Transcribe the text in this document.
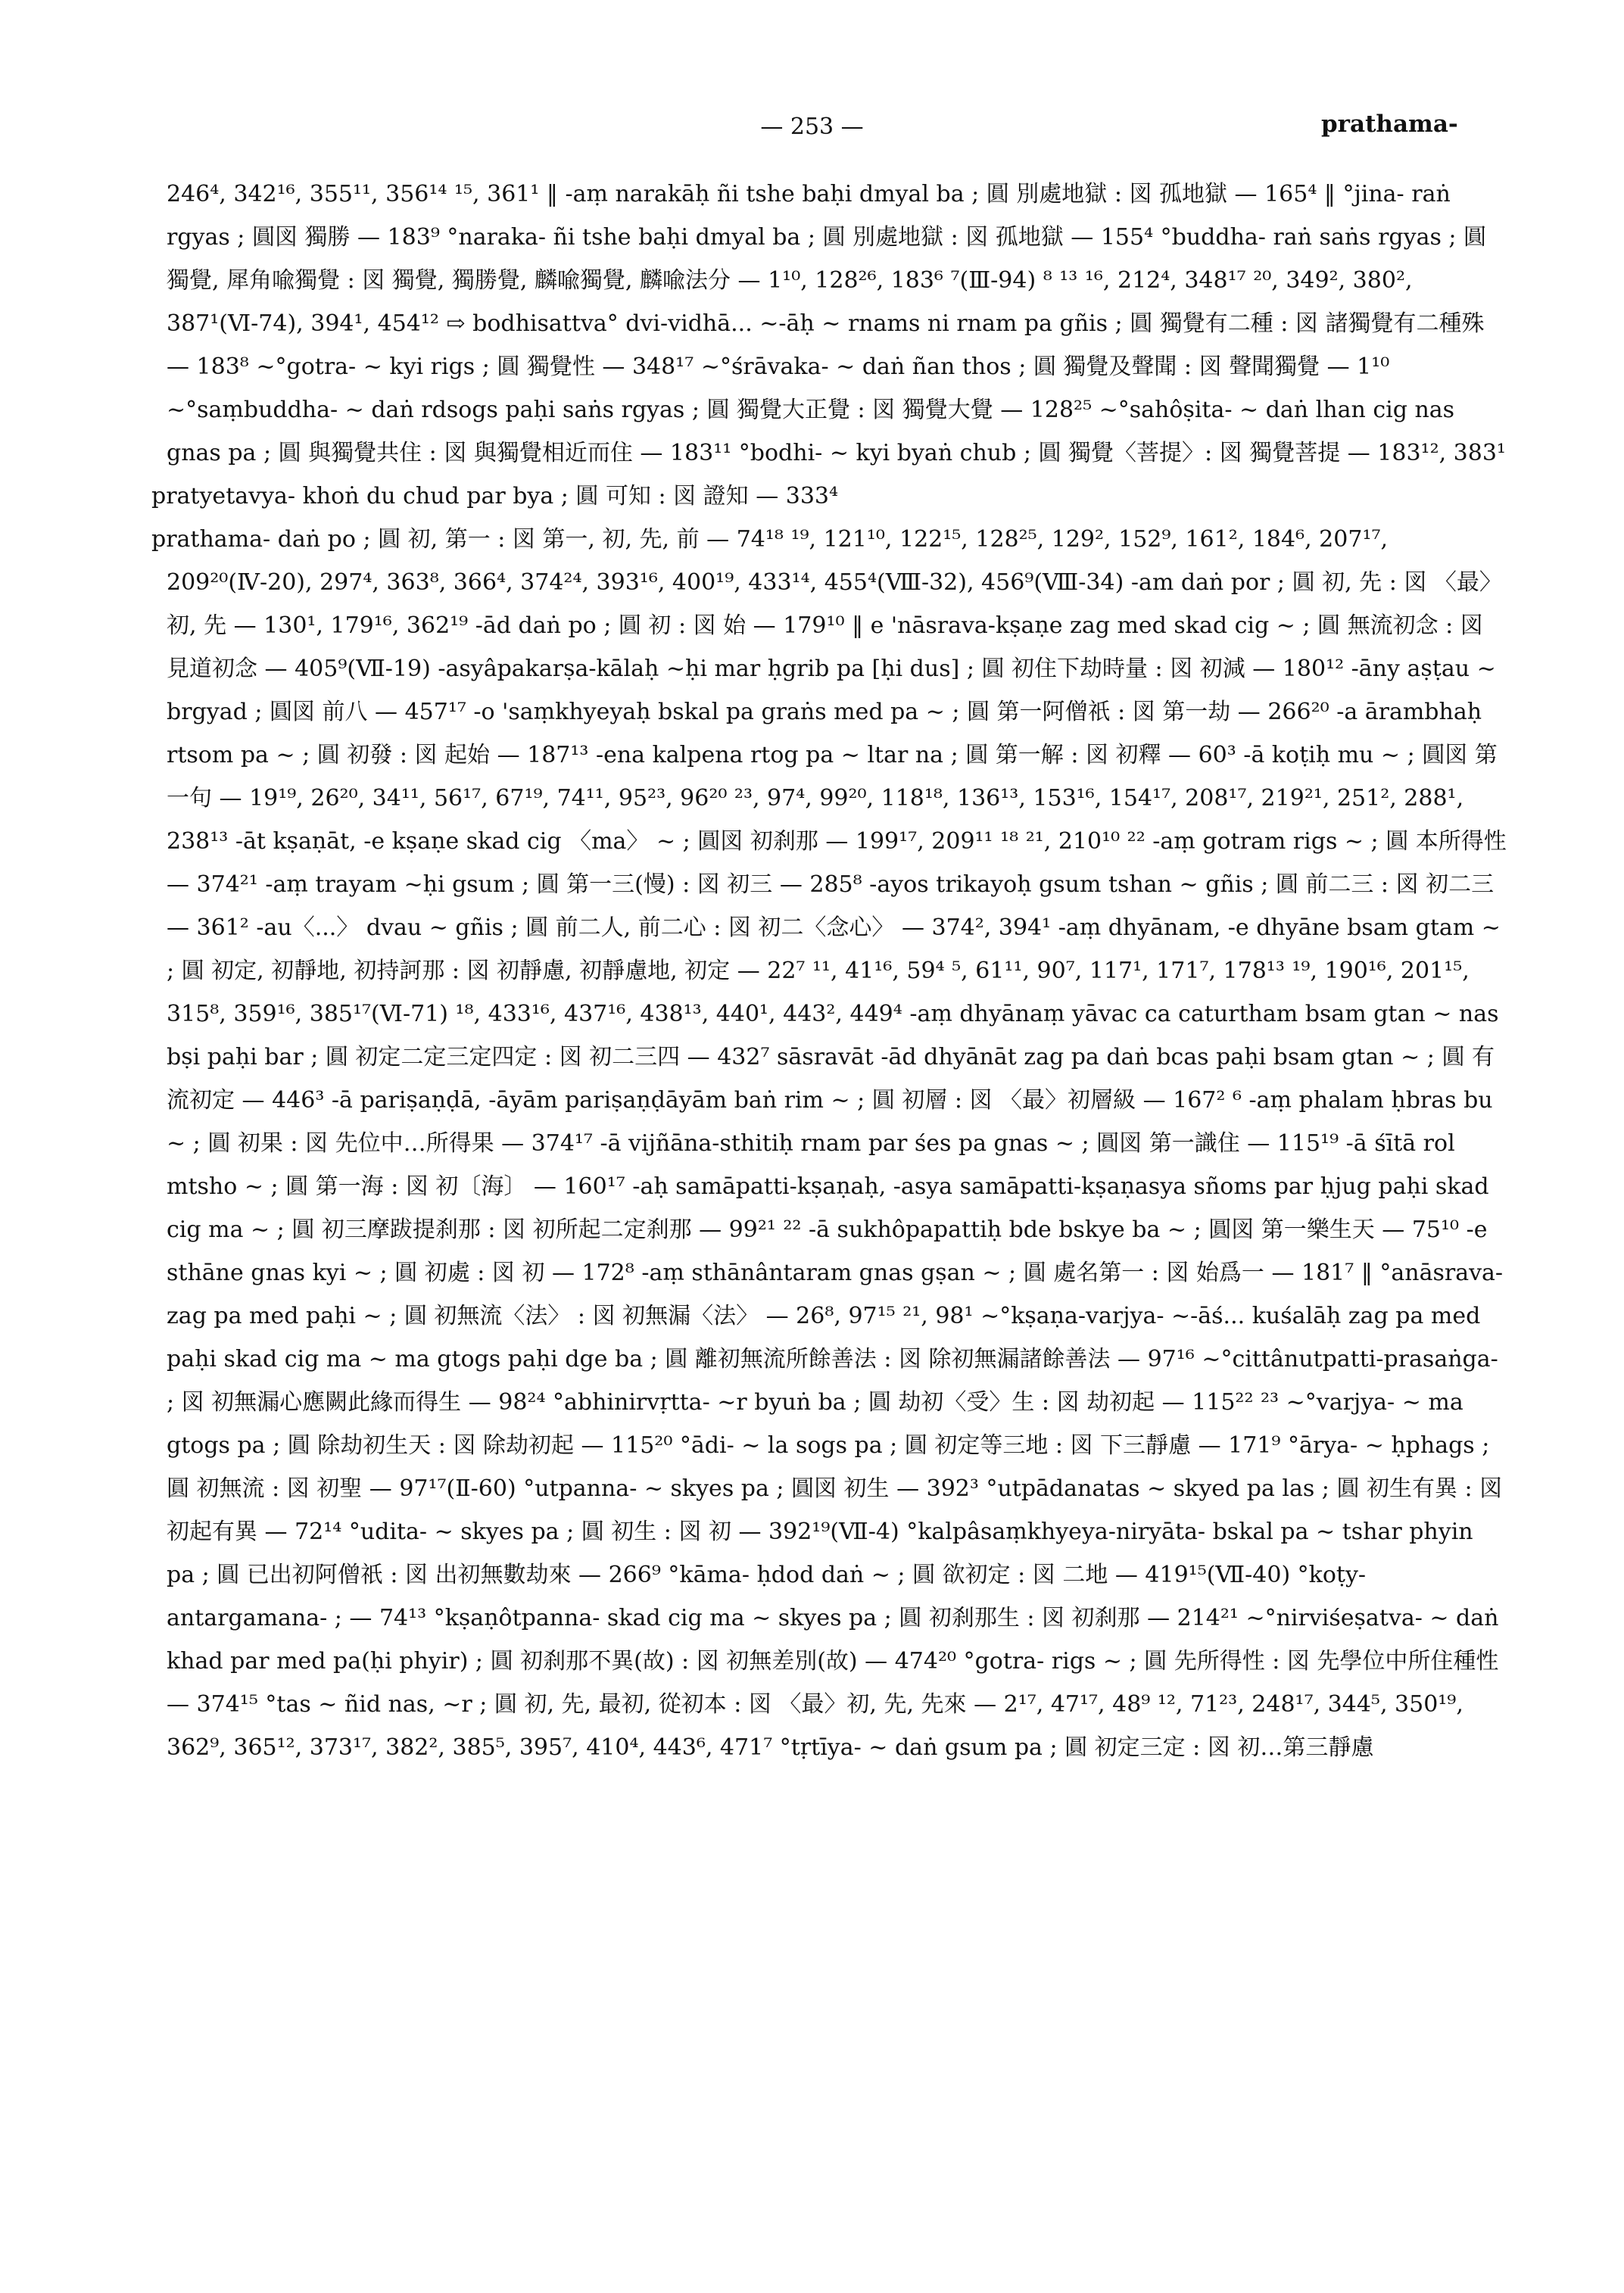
— 253 —	prathama-

246⁴, 342¹⁶, 355¹¹, 356¹⁴ ¹⁵, 361¹ ‖ -aṃ narakāḥ ñi tshe baḥi dmyal ba ; 圓 別處地獄 : 図 孤地獄 — 165⁴ ‖ °jina- raṅ rgyas ; 圓図 獨勝 — 183⁹ °naraka- ñi tshe baḥi dmyal ba ; 圓 別處地獄 : 図 孤地獄 — 155⁴ °buddha- raṅ saṅs rgyas ; 圓 獨覺, 犀角喩獨覺 : 図 獨覺, 獨勝覺, 麟喩獨覺, 麟喩法分 — 1¹⁰, 128²⁶, 183⁶ ⁷(Ⅲ-94) ⁸ ¹³ ¹⁶, 212⁴, 348¹⁷ ²⁰, 349², 380², 387¹(Ⅵ-74), 394¹, 454¹² ⇨ bodhisattva° dvi-vidhā... ~-āḥ ~ rnams ni rnam pa gñis ; 圓 獨覺有二種 : 図 諸獨覺有二種殊 — 183⁸ ~°gotra- ~ kyi rigs ; 圓 獨覺性 — 348¹⁷ ~°śrāvaka- ~ daṅ ñan thos ; 圓 獨覺及聲聞 : 図 聲聞獨覺 — 1¹⁰ ~°saṃbuddha- ~ daṅ rdsogs paḥi saṅs rgyas ; 圓 獨覺大正覺 : 図 獨覺大覺 — 128²⁵ ~°sahôṣita- ~ daṅ lhan cig nas gnas pa ; 圓 與獨覺共住 : 図 與獨覺相近而住 — 183¹¹ °bodhi- ~ kyi byaṅ chub ; 圓 獨覺〈菩提〉: 図 獨覺菩提 — 183¹², 383¹

pratyetavya- khoṅ du chud par bya ; 圓 可知 : 図 證知 — 333⁴

prathama- daṅ po ; 圓 初, 第一 : 図 第一, 初, 先, 前 — 74¹⁸ ¹⁹, 121¹⁰, 122¹⁵, 128²⁵, 129², 152⁹, 161², 184⁶, 207¹⁷, 209²⁰(Ⅳ-20), 297⁴, 363⁸, 366⁴, 374²⁴, 393¹⁶, 400¹⁹, 433¹⁴, 455⁴(Ⅷ-32), 456⁹(Ⅷ-34) -am daṅ por ; 圓 初, 先 : 図 〈最〉初, 先 — 130¹, 179¹⁶, 362¹⁹ -ād daṅ po ; 圓 初 : 図 始 — 179¹⁰ ‖ e 'nāsrava-kṣaṇe zag med skad cig ~ ; 圓 無流初念 : 図 見道初念 — 405⁹(Ⅶ-19) -asyâpakarṣa-kālaḥ ~ḥi mar ḥgrib pa [ḥi dus] ; 圓 初住下劫時量 : 図 初減 — 180¹² -āny aṣṭau ~ brgyad ; 圓図 前八 — 457¹⁷ -o 'saṃkhyeyaḥ bskal pa graṅs med pa ~ ; 圓 第一阿僧祇 : 図 第一劫 — 266²⁰ -a ārambhaḥ rtsom pa ~ ; 圓 初發 : 図 起始 — 187¹³ -ena kalpena rtog pa ~ ltar na ; 圓 第一解 : 図 初釋 — 60³ -ā koṭiḥ mu ~ ; 圓図 第一句 — 19¹⁹, 26²⁰, 34¹¹, 56¹⁷, 67¹⁹, 74¹¹, 95²³, 96²⁰ ²³, 97⁴, 99²⁰, 118¹⁸, 136¹³, 153¹⁶, 154¹⁷, 208¹⁷, 219²¹, 251², 288¹, 238¹³ -āt kṣaṇāt, -e kṣaṇe skad cig 〈ma〉 ~ ; 圓図 初刹那 — 199¹⁷, 209¹¹ ¹⁸ ²¹, 210¹⁰ ²² -aṃ gotram rigs ~ ; 圓 本所得性 — 374²¹ -aṃ trayam ~ḥi gsum ; 圓 第一三(慢) : 図 初三 — 285⁸ -ayos trikayoḥ gsum tshan ~ gñis ; 圓 前二三 : 図 初二三 — 361² -au〈...〉 dvau ~ gñis ; 圓 前二人, 前二心 : 図 初二〈念心〉 — 374², 394¹ -aṃ dhyānam, -e dhyāne bsam gtam ~ ; 圓 初定, 初靜地, 初持訶那 : 図 初靜慮, 初靜慮地, 初定 — 22⁷ ¹¹, 41¹⁶, 59⁴ ⁵, 61¹¹, 90⁷, 117¹, 171⁷, 178¹³ ¹⁹, 190¹⁶, 201¹⁵, 315⁸, 359¹⁶, 385¹⁷(Ⅵ-71) ¹⁸, 433¹⁶, 437¹⁶, 438¹³, 440¹, 443², 449⁴ -aṃ dhyānaṃ yāvac ca caturtham bsam gtan ~ nas bṣi paḥi bar ; 圓 初定二定三定四定 : 図 初二三四 — 432⁷ sāsravāt -ād dhyānāt zag pa daṅ bcas paḥi bsam gtan ~ ; 圓 有流初定 — 446³ -ā pariṣaṇḍā, -āyām pariṣaṇḍāyām baṅ rim ~ ; 圓 初層 : 図 〈最〉初層級 — 167² ⁶ -aṃ phalam ḥbras bu ~ ; 圓 初果 : 図 先位中…所得果 — 374¹⁷ -ā vijñāna-sthitiḥ rnam par śes pa gnas ~ ; 圓図 第一識住 — 115¹⁹ -ā śītā rol mtsho ~ ; 圓 第一海 : 図 初〔海〕 — 160¹⁷ -aḥ samāpatti-kṣaṇaḥ, -asya samāpatti-kṣaṇasya sñoms par ḥjug paḥi skad cig ma ~ ; 圓 初三摩跋提刹那 : 図 初所起二定刹那 — 99²¹ ²² -ā sukhôpapattiḥ bde bskye ba ~ ; 圓図 第一樂生天 — 75¹⁰ -e sthāne gnas kyi ~ ; 圓 初處 : 図 初 — 172⁸ -aṃ sthānântaram gnas gṣan ~ ; 圓 處名第一 : 図 始爲一 — 181⁷ ‖ °anāsrava- zag pa med paḥi ~ ; 圓 初無流〈法〉 : 図 初無漏〈法〉 — 26⁸, 97¹⁵ ²¹, 98¹ ~°kṣaṇa-varjya- ~-āś... kuśalāḥ zag pa med paḥi skad cig ma ~ ma gtogs paḥi dge ba ; 圓 離初無流所餘善法 : 図 除初無漏諸餘善法 — 97¹⁶ ~°cittânutpatti-prasaṅga- ; 図 初無漏心應闕此緣而得生 — 98²⁴ °abhinirvṛtta- ~r byuṅ ba ; 圓 劫初〈受〉生 : 図 劫初起 — 115²² ²³ ~°varjya- ~ ma gtogs pa ; 圓 除劫初生天 : 図 除劫初起 — 115²⁰ °ādi- ~ la sogs pa ; 圓 初定等三地 : 図 下三靜慮 — 171⁹ °ārya- ~ ḥphags ; 圓 初無流 : 図 初聖 — 97¹⁷(Ⅱ-60) °utpanna- ~ skyes pa ; 圓図 初生 — 392³ °utpādanatas ~ skyed pa las ; 圓 初生有異 : 図 初起有異 — 72¹⁴ °udita- ~ skyes pa ; 圓 初生 : 図 初 — 392¹⁹(Ⅶ-4) °kalpâsaṃkhyeya-niryāta- bskal pa ~ tshar phyin pa ; 圓 已出初阿僧祇 : 図 出初無數劫來 — 266⁹ °kāma- ḥdod daṅ ~ ; 圓 欲初定 : 図 二地 — 419¹⁵(Ⅶ-40) °koṭy-antargamana- ; — 74¹³ °kṣaṇôtpanna- skad cig ma ~ skyes pa ; 圓 初刹那生 : 図 初刹那 — 214²¹ ~°nirviśeṣatva- ~ daṅ khad par med pa(ḥi phyir) ; 圓 初刹那不異(故) : 図 初無差別(故) — 474²⁰ °gotra- rigs ~ ; 圓 先所得性 : 図 先學位中所住種性 — 374¹⁵ °tas ~ ñid nas, ~r ; 圓 初, 先, 最初, 從初本 : 図 〈最〉初, 先, 先來 — 2¹⁷, 47¹⁷, 48⁹ ¹², 71²³, 248¹⁷, 344⁵, 350¹⁹, 362⁹, 365¹², 373¹⁷, 382², 385⁵, 395⁷, 410⁴, 443⁶, 471⁷ °tṛtīya- ~ daṅ gsum pa ; 圓 初定三定 : 図 初…第三靜慮
